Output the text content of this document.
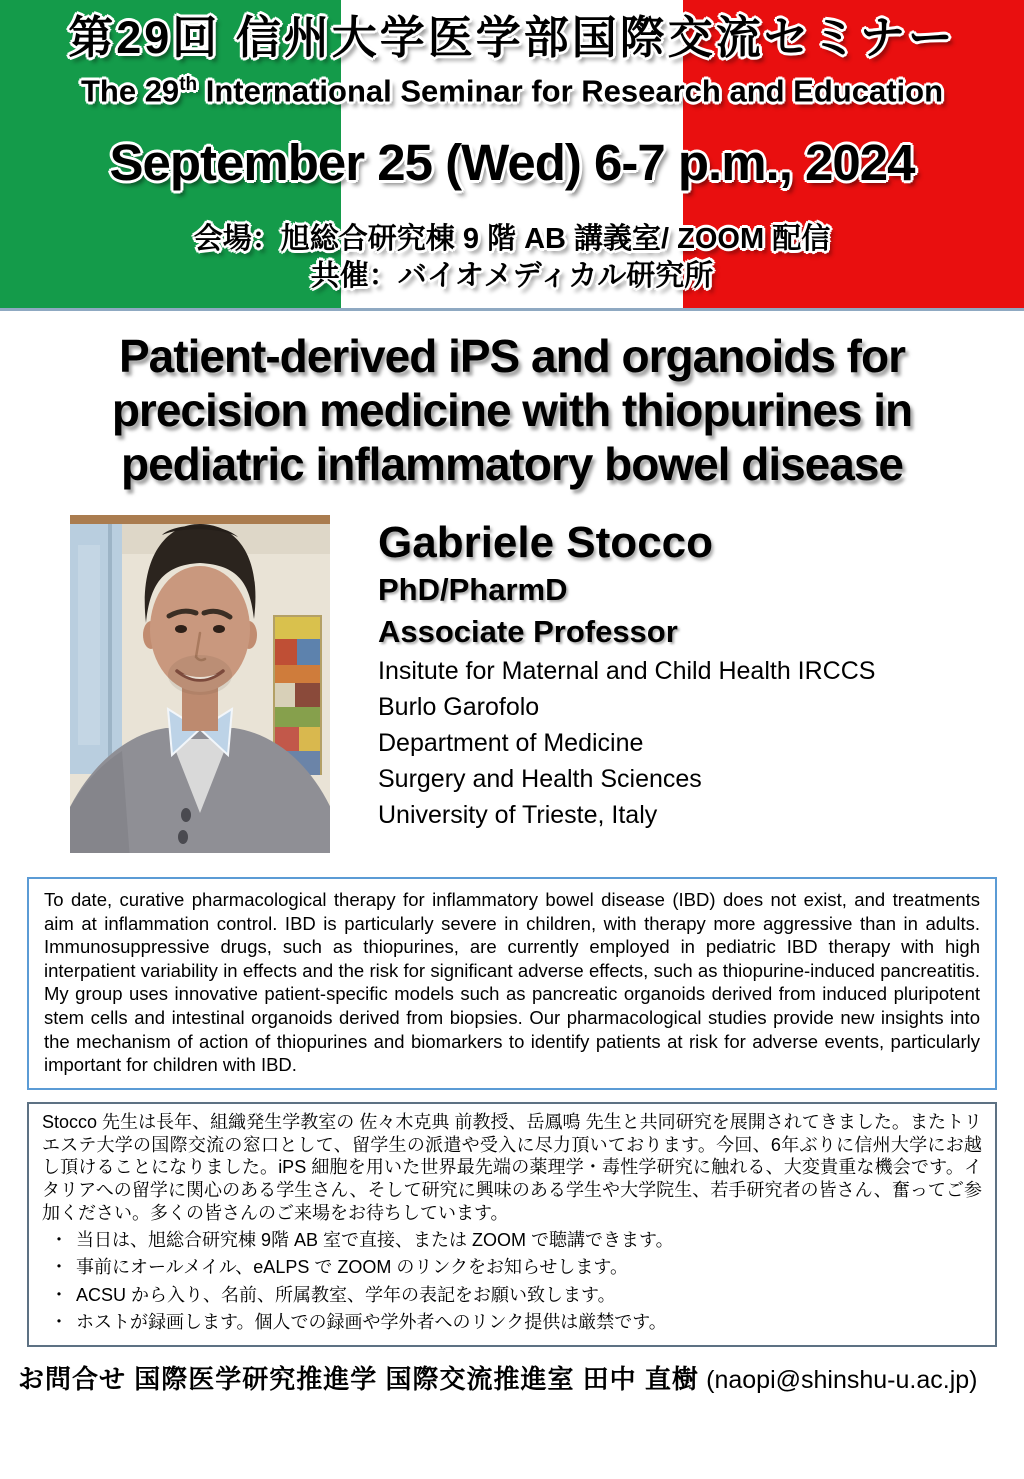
第29回 信州大学医学部国際交流セミナー
The 29th International Seminar for Research and Education
September 25 (Wed) 6-7 p.m., 2024
会場：旭総合研究棟 9 階 AB 講義室/ ZOOM 配信
共催：バイオメディカル研究所
Patient-derived iPS and organoids for
precision medicine with thiopurines in
pediatric inflammatory bowel disease
Gabriele Stocco
PhD/PharmD
Associate Professor
Insitute for Maternal and Child Health IRCCS
Burlo Garofolo
Department of Medicine
Surgery and Health Sciences
University of Trieste, Italy

To date, curative pharmacological therapy for inflammatory bowel disease (IBD) does not exist, and treatments aim at inflammation control. IBD is particularly severe in children, with therapy more aggressive than in adults. Immunosuppressive drugs, such as thiopurines, are currently employed in pediatric IBD therapy with high interpatient variability in effects and the risk for significant adverse effects, such as thiopurine-induced pancreatitis. My group uses innovative patient-specific models such as pancreatic organoids derived from induced pluripotent stem cells and intestinal organoids derived from biopsies. Our pharmacological studies provide new insights into the mechanism of action of thiopurines and biomarkers to identify patients at risk for adverse events, particularly important for children with IBD.

Stocco 先生は長年、組織発生学教室の 佐々木克典 前教授、岳鳳鳴 先生と共同研究を展開されてきました。またトリエステ大学の国際交流の窓口として、留学生の派遣や受入に尽力頂いております。今回、6年ぶりに信州大学にお越し頂けることになりました。iPS 細胞を用いた世界最先端の薬理学・毒性学研究に触れる、大変貴重な機会です。イタリアへの留学に関心のある学生さん、そして研究に興味のある学生や大学院生、若手研究者の皆さん、奮ってご参加ください。多くの皆さんのご来場をお待ちしています。

・ 当日は、旭総合研究棟 9階 AB 室で直接、または ZOOM で聴講できます。
・ 事前にオールメイル、eALPS で ZOOM のリンクをお知らせします。
・ ACSU から入り、名前、所属教室、学年の表記をお願い致します。
・ ホストが録画します。個人での録画や学外者へのリンク提供は厳禁です。
お問合せ 国際医学研究推進学 国際交流推進室 田中 直樹 (naopi@shinshu-u.ac.jp)
